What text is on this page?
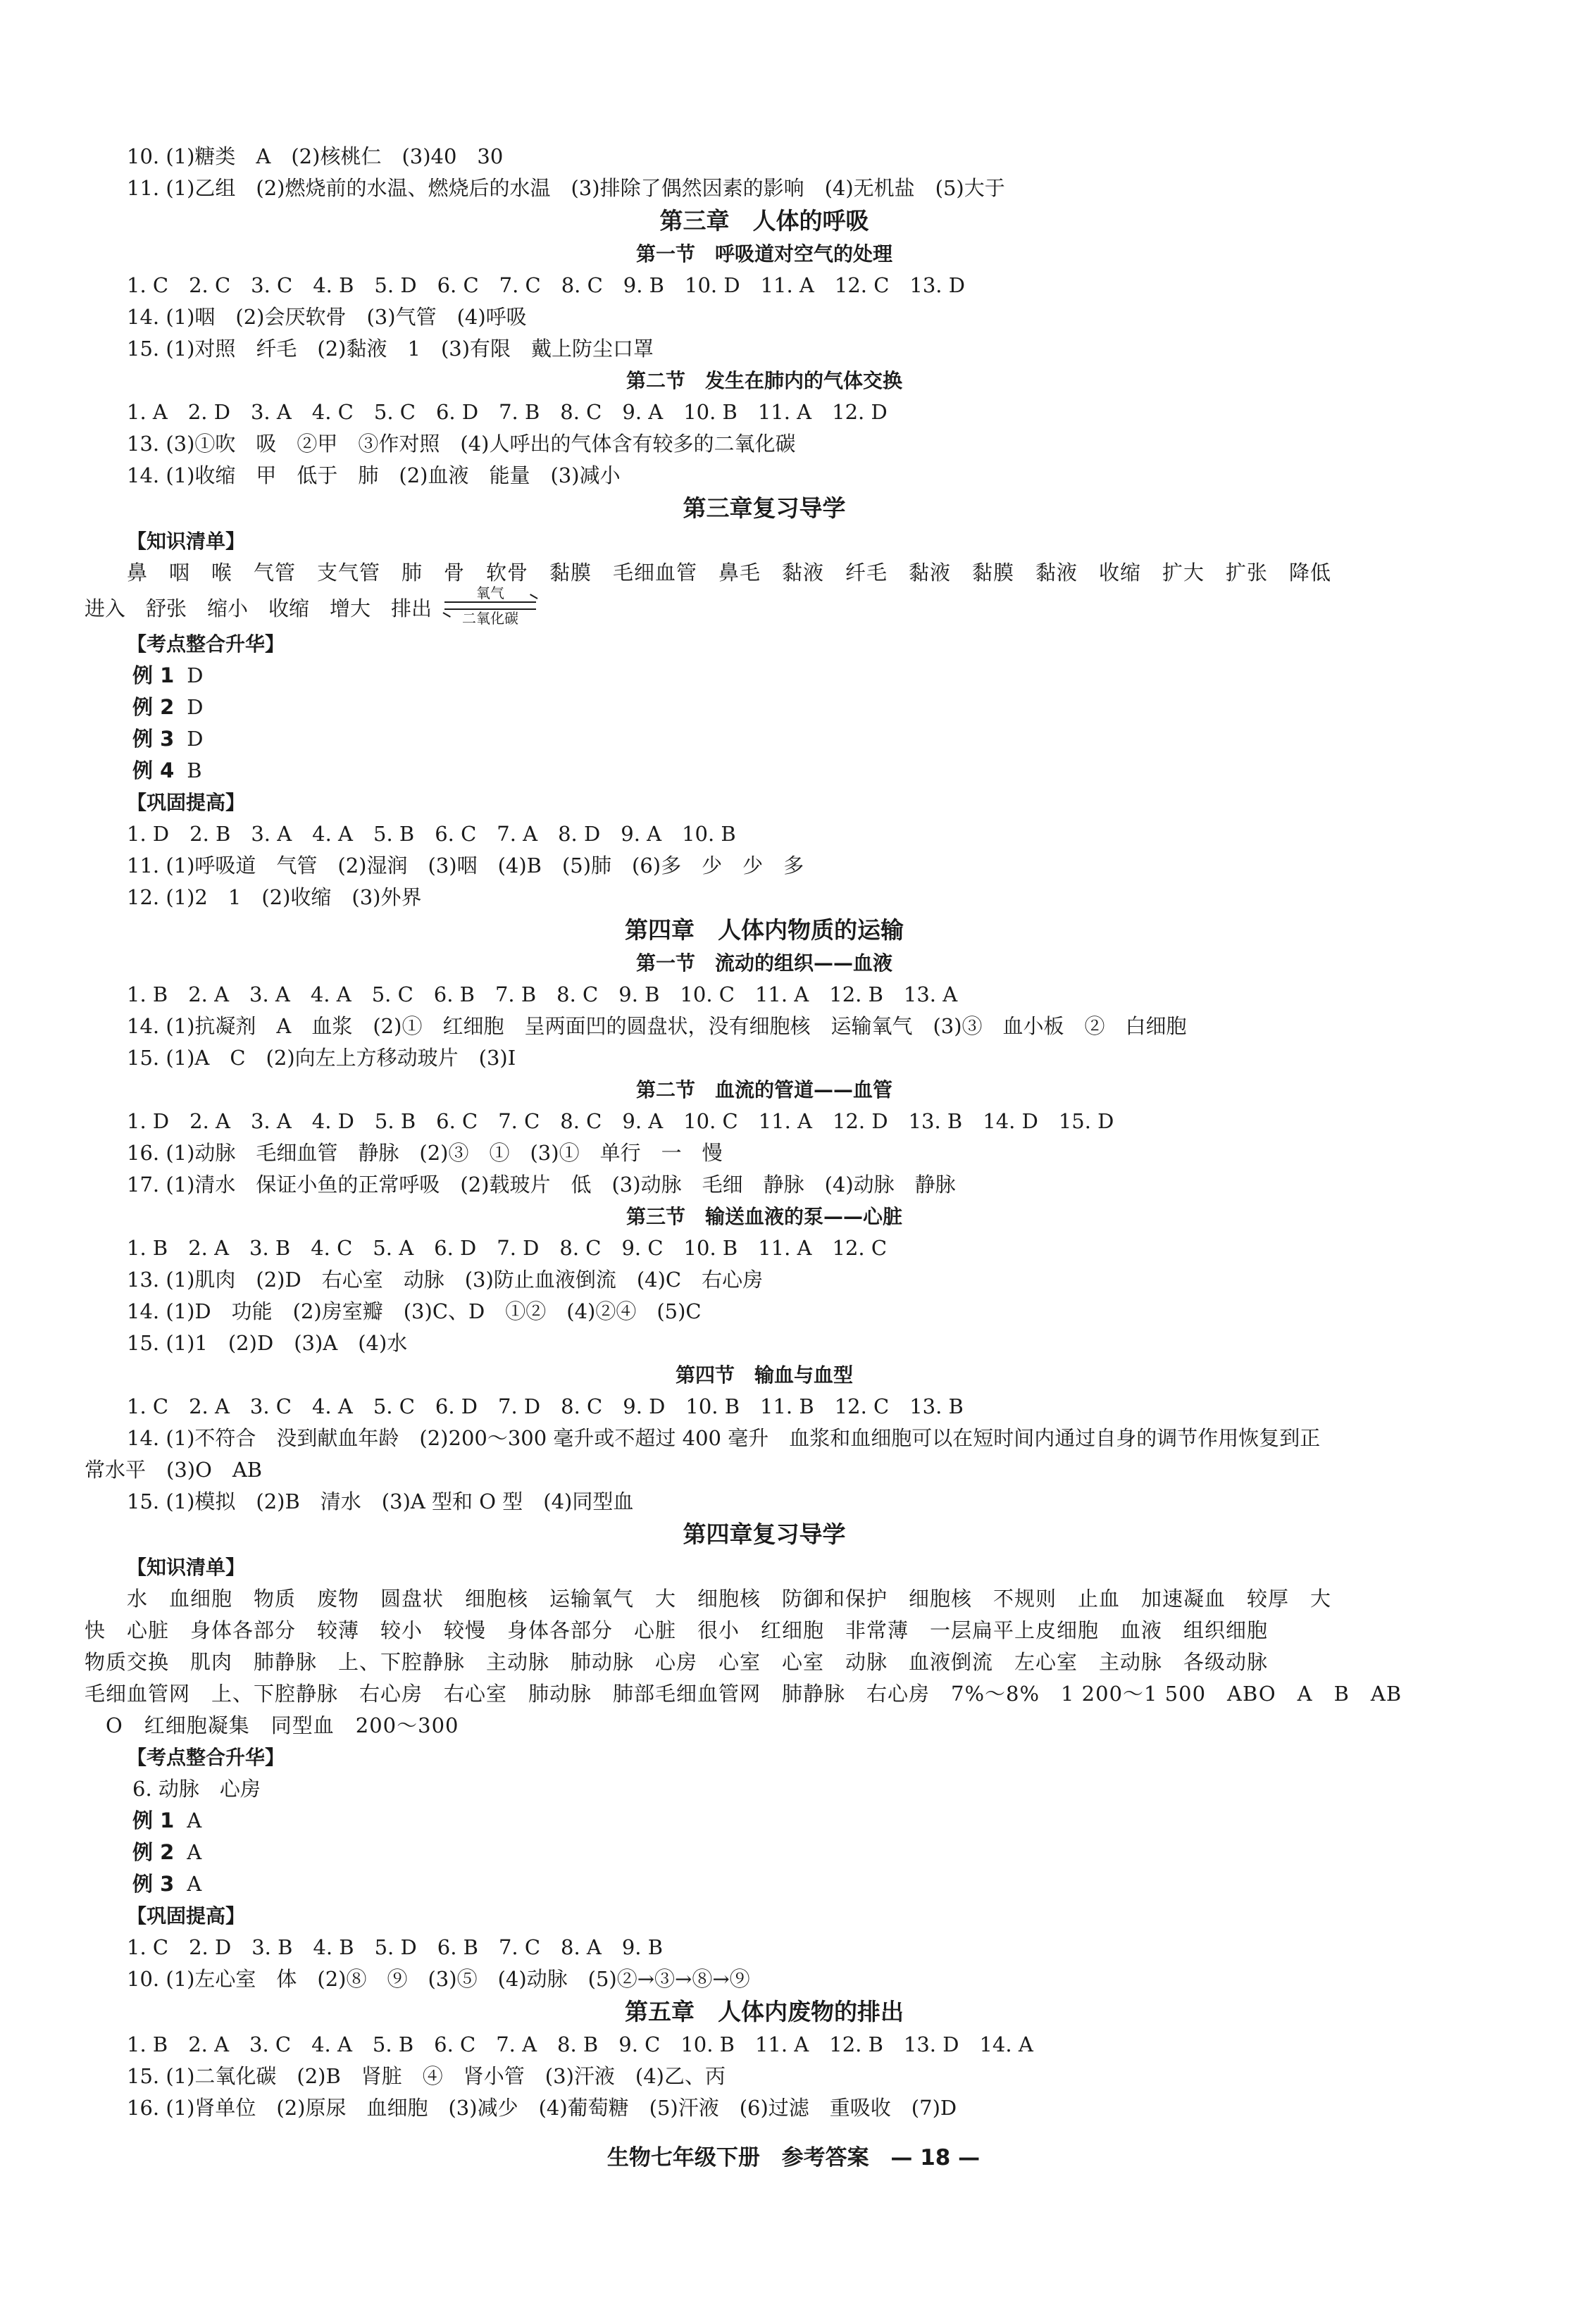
10. (1)糖类　A　(2)核桃仁　(3)40　30
11. (1)乙组　(2)燃烧前的水温、燃烧后的水温　(3)排除了偶然因素的影响　(4)无机盐　(5)大于
第三章　人体的呼吸
第一节　呼吸道对空气的处理
1. C　2. C　3. C　4. B　5. D　6. C　7. C　8. C　9. B　10. D　11. A　12. C　13. D
14. (1)咽　(2)会厌软骨　(3)气管　(4)呼吸
15. (1)对照　纤毛　(2)黏液　1　(3)有限　戴上防尘口罩
第二节　发生在肺内的气体交换
1. A　2. D　3. A　4. C　5. C　6. D　7. B　8. C　9. A　10. B　11. A　12. D
13. (3)①吹　吸　②甲　③作对照　(4)人呼出的气体含有较多的二氧化碳
14. (1)收缩　甲　低于　肺　(2)血液　能量　(3)减小
第三章复习导学
【知识清单】
鼻　咽　喉　气管　支气管　肺　骨　软骨　黏膜　毛细血管　鼻毛　黏液　纤毛　黏液　黏膜　黏液　收缩　扩大　扩张　降低
进入　舒张　缩小　收缩　增大　排出
氧气
二氧化碳
【考点整合升华】
例 1 D
例 2 D
例 3 D
例 4 B
【巩固提高】
1. D　2. B　3. A　4. A　5. B　6. C　7. A　8. D　9. A　10. B
11. (1)呼吸道　气管　(2)湿润　(3)咽　(4)B　(5)肺　(6)多　少　少　多
12. (1)2　1　(2)收缩　(3)外界
第四章　人体内物质的运输
第一节　流动的组织——血液
1. B　2. A　3. A　4. A　5. C　6. B　7. B　8. C　9. B　10. C　11. A　12. B　13. A
14. (1)抗凝剂　A　血浆　(2)①　红细胞　呈两面凹的圆盘状，没有细胞核　运输氧气　(3)③　血小板　②　白细胞
15. (1)A　C　(2)向左上方移动玻片　(3)Ⅰ
第二节　血流的管道——血管
1. D　2. A　3. A　4. D　5. B　6. C　7. C　8. C　9. A　10. C　11. A　12. D　13. B　14. D　15. D
16. (1)动脉　毛细血管　静脉　(2)③　①　(3)①　单行　一　慢
17. (1)清水　保证小鱼的正常呼吸　(2)载玻片　低　(3)动脉　毛细　静脉　(4)动脉　静脉
第三节　输送血液的泵——心脏
1. B　2. A　3. B　4. C　5. A　6. D　7. D　8. C　9. C　10. B　11. A　12. C
13. (1)肌肉　(2)D　右心室　动脉　(3)防止血液倒流　(4)C　右心房
14. (1)D　功能　(2)房室瓣　(3)C、D　①②　(4)②④　(5)C
15. (1)1　(2)D　(3)A　(4)水
第四节　输血与血型
1. C　2. A　3. C　4. A　5. C　6. D　7. D　8. C　9. D　10. B　11. B　12. C　13. B
14. (1)不符合　没到献血年龄　(2)200～300 毫升或不超过 400 毫升　血浆和血细胞可以在短时间内通过自身的调节作用恢复到正
常水平　(3)O　AB
15. (1)模拟　(2)B　清水　(3)A 型和 O 型　(4)同型血
第四章复习导学
【知识清单】
水　血细胞　物质　废物　圆盘状　细胞核　运输氧气　大　细胞核　防御和保护　细胞核　不规则　止血　加速凝血　较厚　大
快　心脏　身体各部分　较薄　较小　较慢　身体各部分　心脏　很小　红细胞　非常薄　一层扁平上皮细胞　血液　组织细胞
物质交换　肌肉　肺静脉　上、下腔静脉　主动脉　肺动脉　心房　心室　心室　动脉　血液倒流　左心室　主动脉　各级动脉
毛细血管网　上、下腔静脉　右心房　右心室　肺动脉　肺部毛细血管网　肺静脉　右心房　7%～8%　1 200～1 500　ABO　A　B　AB
O　红细胞凝集　同型血　200～300
【考点整合升华】
6. 动脉　心房
例 1 A
例 2 A
例 3 A
【巩固提高】
1. C　2. D　3. B　4. B　5. D　6. B　7. C　8. A　9. B
10. (1)左心室　体　(2)⑧　⑨　(3)⑤　(4)动脉　(5)②→③→⑧→⑨
第五章　人体内废物的排出
1. B　2. A　3. C　4. A　5. B　6. C　7. A　8. B　9. C　10. B　11. A　12. B　13. D　14. A
15. (1)二氧化碳　(2)B　肾脏　④　肾小管　(3)汗液　(4)乙、丙
16. (1)肾单位　(2)原尿　血细胞　(3)减少　(4)葡萄糖　(5)汗液　(6)过滤　重吸收　(7)D
生物七年级下册 参考答案 — 18 —
